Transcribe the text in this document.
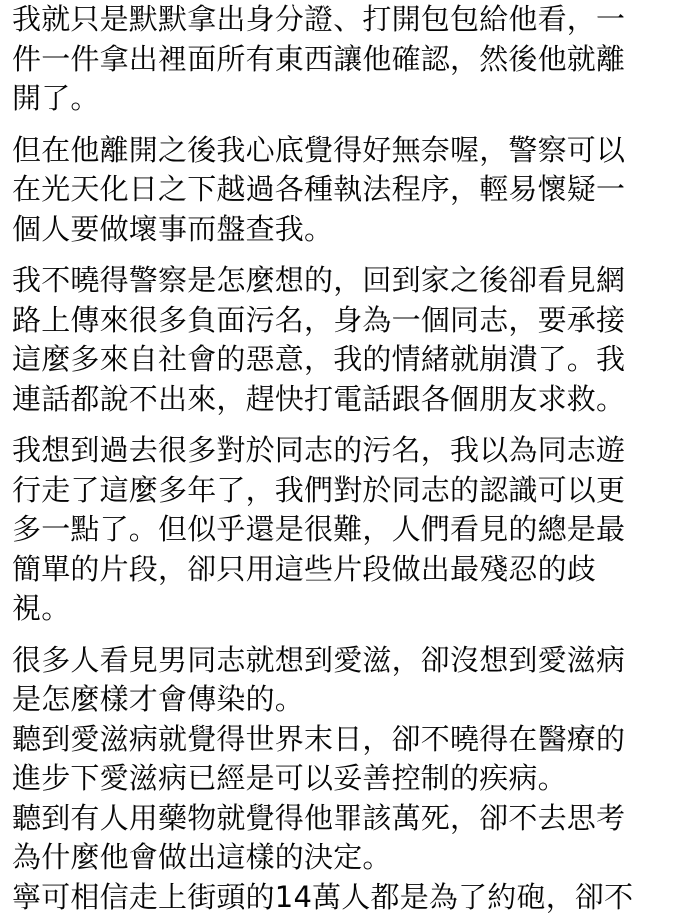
我就只是默默拿出身分證、打開包包給他看，一
件一件拿出裡面所有東西讓他確認，然後他就離
開了。

但在他離開之後我心底覺得好無奈喔，警察可以
在光天化日之下越過各種執法程序，輕易懷疑一
個人要做壞事而盤查我。

我不曉得警察是怎麼想的，回到家之後卻看見網
路上傳來很多負面污名，身為一個同志，要承接
這麼多來自社會的惡意，我的情緒就崩潰了。我
連話都說不出來，趕快打電話跟各個朋友求救。

我想到過去很多對於同志的污名，我以為同志遊
行走了這麼多年了，我們對於同志的認識可以更
多一點了。但似乎還是很難，人們看見的總是最
簡單的片段，卻只用這些片段做出最殘忍的歧
視。

很多人看見男同志就想到愛滋，卻沒想到愛滋病
是怎麼樣才會傳染的。

聽到愛滋病就覺得世界末日，卻不曉得在醫療的
進步下愛滋病已經是可以妥善控制的疾病。

聽到有人用藥物就覺得他罪該萬死，卻不去思考
為什麼他會做出這樣的決定。

寧可相信走上街頭的14萬人都是為了約砲，卻不
